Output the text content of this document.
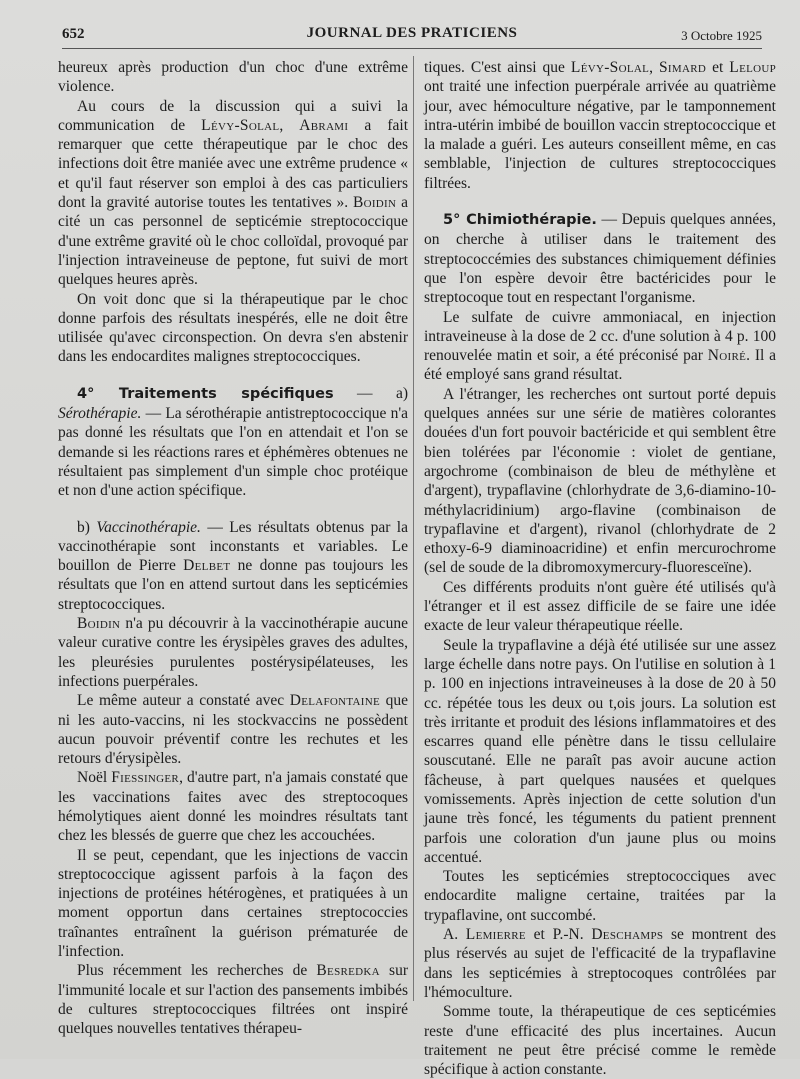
652	JOURNAL DES PRATICIENS	3 Octobre 1925

heureux après production d'un choc d'une extrême violence.

Au cours de la discussion qui a suivi la communication de Lévy-Solal, Abrami a fait remarquer que cette thérapeutique par le choc des infections doit être maniée avec une extrême prudence « et qu'il faut réserver son emploi à des cas particuliers dont la gravité autorise toutes les tentatives ». Boidin a cité un cas personnel de septicémie streptococcique d'une extrême gravité où le choc colloïdal, provoqué par l'injection intraveineuse de peptone, fut suivi de mort quelques heures après.

On voit donc que si la thérapeutique par le choc donne parfois des résultats inespérés, elle ne doit être utilisée qu'avec circonspection. On devra s'en abstenir dans les endocardites malignes streptococciques.

4° Traitements spécifiques — a) Sérothérapie. — La sérothérapie antistreptococcique n'a pas donné les résultats que l'on en attendait et l'on se demande si les réactions rares et éphémères obtenues ne résultaient pas simplement d'un simple choc protéique et non d'une action spécifique.

b) Vaccinothérapie. — Les résultats obtenus par la vaccinothérapie sont inconstants et variables. Le bouillon de Pierre Delbet ne donne pas toujours les résultats que l'on en attend surtout dans les septicémies streptococciques.

Boidin n'a pu découvrir à la vaccinothérapie aucune valeur curative contre les érysipèles graves des adultes, les pleurésies purulentes postérysipélateuses, les infections puerpérales.

Le même auteur a constaté avec Delafontaine que ni les auto-vaccins, ni les stockvaccins ne possèdent aucun pouvoir préventif contre les rechutes et les retours d'érysipèles.

Noël Fiessinger, d'autre part, n'a jamais constaté que les vaccinations faites avec des streptocoques hémolytiques aient donné les moindres résultats tant chez les blessés de guerre que chez les accouchées.

Il se peut, cependant, que les injections de vaccin streptococcique agissent parfois à la façon des injections de protéines hétérogènes, et pratiquées à un moment opportun dans certaines streptococcies traînantes entraînent la guérison prématurée de l'infection.

Plus récemment les recherches de Besredka sur l'immunité locale et sur l'action des pansements imbibés de cultures streptococciques filtrées ont inspiré quelques nouvelles tentatives thérapeu-

tiques. C'est ainsi que Lévy-Solal, Simard et Leloup ont traité une infection puerpérale arrivée au quatrième jour, avec hémoculture négative, par le tamponnement intra-utérin imbibé de bouillon vaccin streptococcique et la malade a guéri. Les auteurs conseillent même, en cas semblable, l'injection de cultures streptococciques filtrées.

5° Chimiothérapie. — Depuis quelques années, on cherche à utiliser dans le traitement des streptococcémies des substances chimiquement définies que l'on espère devoir être bactéricides pour le streptocoque tout en respectant l'organisme.

Le sulfate de cuivre ammoniacal, en injection intraveineuse à la dose de 2 cc. d'une solution à 4 p. 100 renouvelée matin et soir, a été préconisé par Noiré. Il a été employé sans grand résultat.

A l'étranger, les recherches ont surtout porté depuis quelques années sur une série de matières colorantes douées d'un fort pouvoir bactéricide et qui semblent être bien tolérées par l'économie : violet de gentiane, argochrome (combinaison de bleu de méthylène et d'argent), trypaflavine (chlorhydrate de 3,6-diamino-10-méthylacridinium) argo-flavine (combinaison de trypaflavine et d'argent), rivanol (chlorhydrate de 2 ethoxy-6-9 diaminoacridine) et enfin mercurochrome (sel de soude de la dibromoxymercury-fluoresceïne).

Ces différents produits n'ont guère été utilisés qu'à l'étranger et il est assez difficile de se faire une idée exacte de leur valeur thérapeutique réelle.

Seule la trypaflavine a déjà été utilisée sur une assez large échelle dans notre pays. On l'utilise en solution à 1 p. 100 en injections intraveineuses à la dose de 20 à 50 cc. répétée tous les deux ou t,ois jours. La solution est très irritante et produit des lésions inflammatoires et des escarres quand elle pénètre dans le tissu cellulaire souscutané. Elle ne paraît pas avoir aucune action fâcheuse, à part quelques nausées et quelques vomissements. Après injection de cette solution d'un jaune très foncé, les téguments du patient prennent parfois une coloration d'un jaune plus ou moins accentué.

Toutes les septicémies streptococciques avec endocardite maligne certaine, traitées par la trypaflavine, ont succombé.

A. Lemierre et P.-N. Deschamps se montrent des plus réservés au sujet de l'efficacité de la trypaflavine dans les septicémies à streptocoques contrôlées par l'hémoculture.

Somme toute, la thérapeutique de ces septicémies reste d'une efficacité des plus incertaines. Aucun traitement ne peut être précisé comme le remède spécifique à action constante.
